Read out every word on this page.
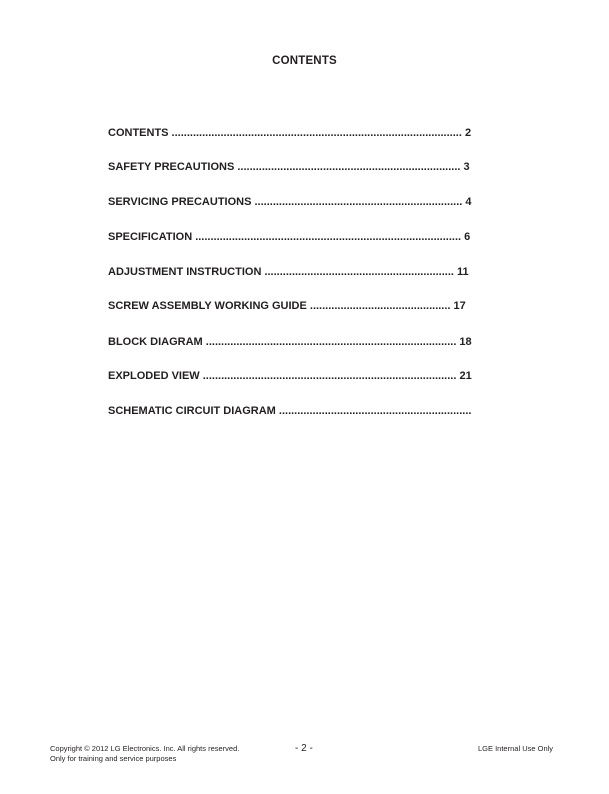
CONTENTS
CONTENTS ............................................................................................... 2
SAFETY PRECAUTIONS ......................................................................... 3
SERVICING PRECAUTIONS .................................................................... 4
SPECIFICATION ....................................................................................... 6
ADJUSTMENT INSTRUCTION .............................................................. 11
SCREW ASSEMBLY WORKING GUIDE .............................................. 17
BLOCK DIAGRAM .................................................................................. 18
EXPLODED VIEW ................................................................................... 21
SCHEMATIC CIRCUIT DIAGRAM ...............................................................
Copyright © 2012 LG Electronics. Inc. All rights reserved.
Only for training and service purposes
- 2 -	LGE Internal Use Only
